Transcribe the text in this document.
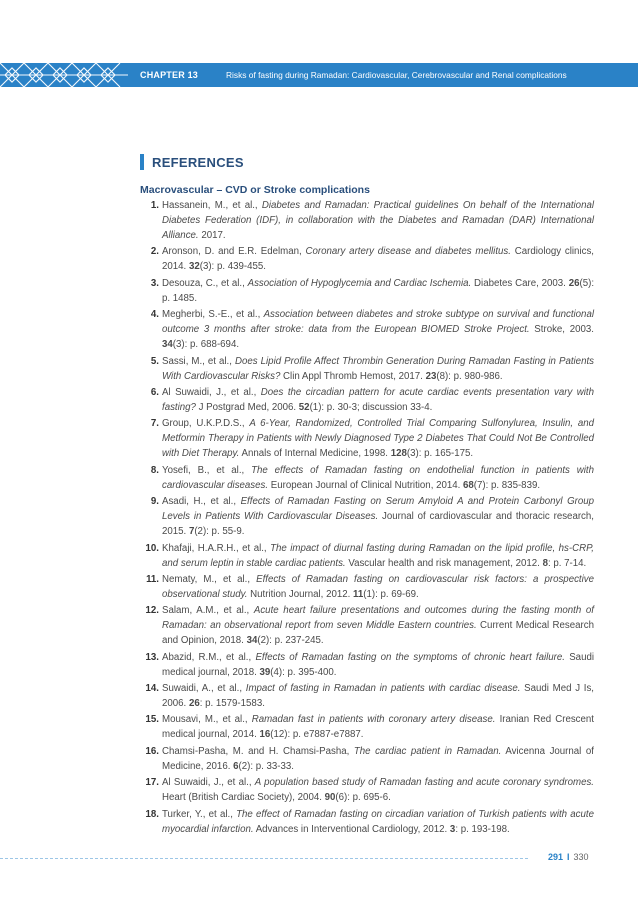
CHAPTER 13	Risks of fasting during Ramadan: Cardiovascular, Cerebrovascular and Renal complications
REFERENCES
Macrovascular – CVD or Stroke complications
1. Hassanein, M., et al., Diabetes and Ramadan: Practical guidelines On behalf of the International Diabetes Federation (IDF), in collaboration with the Diabetes and Ramadan (DAR) International Alliance. 2017.
2. Aronson, D. and E.R. Edelman, Coronary artery disease and diabetes mellitus. Cardiology clinics, 2014. 32(3): p. 439-455.
3. Desouza, C., et al., Association of Hypoglycemia and Cardiac Ischemia. Diabetes Care, 2003. 26(5): p. 1485.
4. Megherbi, S.-E., et al., Association between diabetes and stroke subtype on survival and functional outcome 3 months after stroke: data from the European BIOMED Stroke Project. Stroke, 2003. 34(3): p. 688-694.
5. Sassi, M., et al., Does Lipid Profile Affect Thrombin Generation During Ramadan Fasting in Patients With Cardiovascular Risks? Clin Appl Thromb Hemost, 2017. 23(8): p. 980-986.
6. Al Suwaidi, J., et al., Does the circadian pattern for acute cardiac events presentation vary with fasting? J Postgrad Med, 2006. 52(1): p. 30-3; discussion 33-4.
7. Group, U.K.P.D.S., A 6-Year, Randomized, Controlled Trial Comparing Sulfonylurea, Insulin, and Metformin Therapy in Patients with Newly Diagnosed Type 2 Diabetes That Could Not Be Controlled with Diet Therapy. Annals of Internal Medicine, 1998. 128(3): p. 165-175.
8. Yosefi, B., et al., The effects of Ramadan fasting on endothelial function in patients with cardiovascular diseases. European Journal of Clinical Nutrition, 2014. 68(7): p. 835-839.
9. Asadi, H., et al., Effects of Ramadan Fasting on Serum Amyloid A and Protein Carbonyl Group Levels in Patients With Cardiovascular Diseases. Journal of cardiovascular and thoracic research, 2015. 7(2): p. 55-9.
10. Khafaji, H.A.R.H., et al., The impact of diurnal fasting during Ramadan on the lipid profile, hs-CRP, and serum leptin in stable cardiac patients. Vascular health and risk management, 2012. 8: p. 7-14.
11. Nematy, M., et al., Effects of Ramadan fasting on cardiovascular risk factors: a prospective observational study. Nutrition Journal, 2012. 11(1): p. 69-69.
12. Salam, A.M., et al., Acute heart failure presentations and outcomes during the fasting month of Ramadan: an observational report from seven Middle Eastern countries. Current Medical Research and Opinion, 2018. 34(2): p. 237-245.
13. Abazid, R.M., et al., Effects of Ramadan fasting on the symptoms of chronic heart failure. Saudi medical journal, 2018. 39(4): p. 395-400.
14. Suwaidi, A., et al., Impact of fasting in Ramadan in patients with cardiac disease. Saudi Med J Is, 2006. 26: p. 1579-1583.
15. Mousavi, M., et al., Ramadan fast in patients with coronary artery disease. Iranian Red Crescent medical journal, 2014. 16(12): p. e7887-e7887.
16. Chamsi-Pasha, M. and H. Chamsi-Pasha, The cardiac patient in Ramadan. Avicenna Journal of Medicine, 2016. 6(2): p. 33-33.
17. Al Suwaidi, J., et al., A population based study of Ramadan fasting and acute coronary syndromes. Heart (British Cardiac Society), 2004. 90(6): p. 695-6.
18. Turker, Y., et al., The effect of Ramadan fasting on circadian variation of Turkish patients with acute myocardial infarction. Advances in Interventional Cardiology, 2012. 3: p. 193-198.
291 I 330
